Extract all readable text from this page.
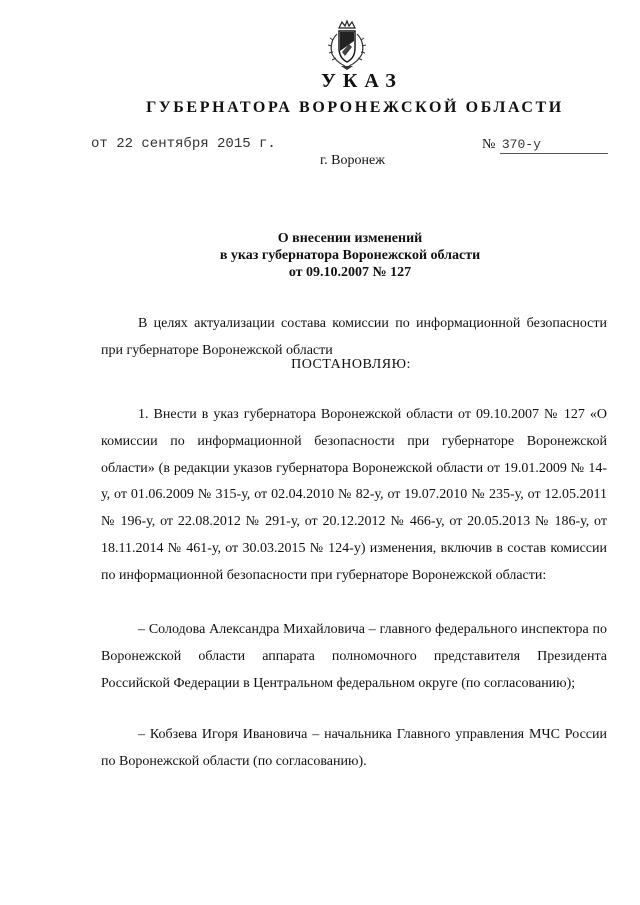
УКАЗ
ГУБЕРНАТОРА ВОРОНЕЖСКОЙ ОБЛАСТИ
от 22 сентября 2015 г.	№ 370-у
г. Воронеж
О внесении изменений
в указ губернатора Воронежской области
от 09.10.2007 № 127
В целях актуализации состава комиссии по информационной безопасности при губернаторе Воронежской области
ПОСТАНОВЛЯЮ:
1. Внести в указ губернатора Воронежской области от 09.10.2007 № 127 «О комиссии по информационной безопасности при губернаторе Воронежской области» (в редакции указов губернатора Воронежской области от 19.01.2009 № 14-у, от 01.06.2009 № 315-у, от 02.04.2010 № 82-у, от 19.07.2010 № 235-у, от 12.05.2011 № 196-у, от 22.08.2012 № 291-у, от 20.12.2012 № 466-у, от 20.05.2013 № 186-у, от 18.11.2014 № 461-у, от 30.03.2015 № 124-у) изменения, включив в состав комиссии по информационной безопасности при губернаторе Воронежской области:
– Солодова Александра Михайловича – главного федерального инспектора по Воронежской области аппарата полномочного представителя Президента Российской Федерации в Центральном федеральном округе (по согласованию);
– Кобзева Игоря Ивановича – начальника Главного управления МЧС России по Воронежской области (по согласованию).
